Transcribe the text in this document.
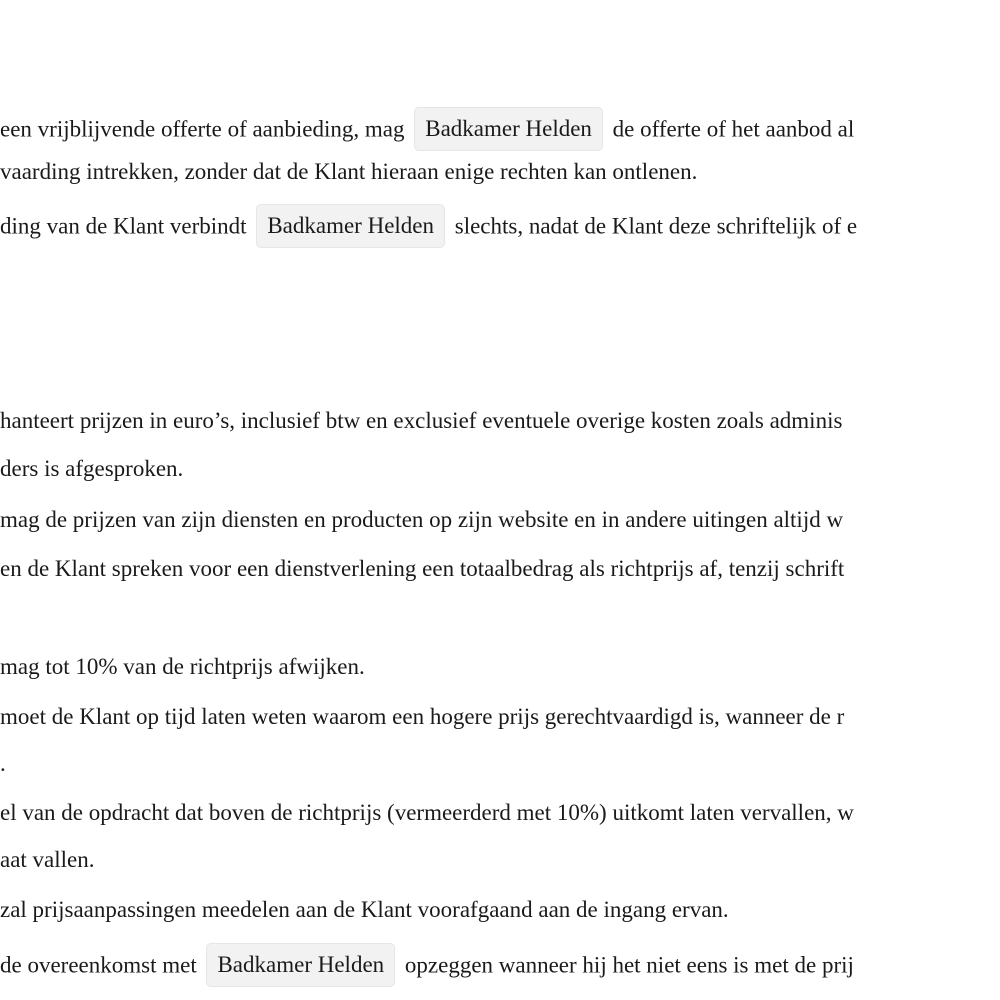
een vrijblijvende offerte of aanbieding, mag Badkamer Helden de offerte of het aanbod al
vaarding intrekken, zonder dat de Klant hieraan enige rechten kan ontlenen.
ding van de Klant verbindt Badkamer Helden slechts, nadat de Klant deze schriftelijk of e
hanteert prijzen in euro’s, inclusief btw en exclusief eventuele overige kosten zoals adminis
ders is afgesproken.
mag de prijzen van zijn diensten en producten op zijn website en in andere uitingen altijd w
en de Klant spreken voor een dienstverlening een totaalbedrag als richtprijs af, tenzij schrift
mag tot 10% van de richtprijs afwijken.
moet de Klant op tijd laten weten waarom een hogere prijs gerechtvaardigd is, wanneer de r
.
el van de opdracht dat boven de richtprijs (vermeerderd met 10%) uitkomt laten vervallen, w
aat vallen.
zal prijsaanpassingen meedelen aan de Klant voorafgaand aan de ingang ervan.
de overeenkomst met Badkamer Helden opzeggen wanneer hij het niet eens is met de prij
